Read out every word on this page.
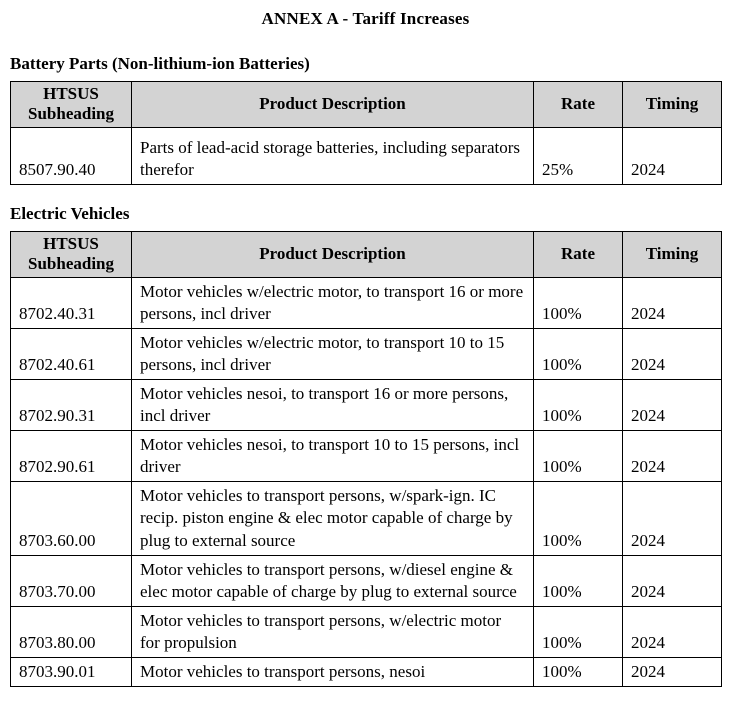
ANNEX A - Tariff Increases
Battery Parts (Non-lithium-ion Batteries)
HTSUS Subheading	Product Description	Rate	Timing
8507.90.40	Parts of lead-acid storage batteries, including separators therefor	25%	2024
Electric Vehicles
HTSUS Subheading	Product Description	Rate	Timing
8702.40.31	Motor vehicles w/electric motor, to transport 16 or more persons, incl driver	100%	2024
8702.40.61	Motor vehicles w/electric motor, to transport 10 to 15 persons, incl driver	100%	2024
8702.90.31	Motor vehicles nesoi, to transport 16 or more persons, incl driver	100%	2024
8702.90.61	Motor vehicles nesoi, to transport 10 to 15 persons, incl driver	100%	2024
8703.60.00	Motor vehicles to transport persons, w/spark-ign. IC recip. piston engine & elec motor capable of charge by plug to external source	100%	2024
8703.70.00	Motor vehicles to transport persons, w/diesel engine & elec motor capable of charge by plug to external source	100%	2024
8703.80.00	Motor vehicles to transport persons, w/electric motor for propulsion	100%	2024
8703.90.01	Motor vehicles to transport persons, nesoi	100%	2024
